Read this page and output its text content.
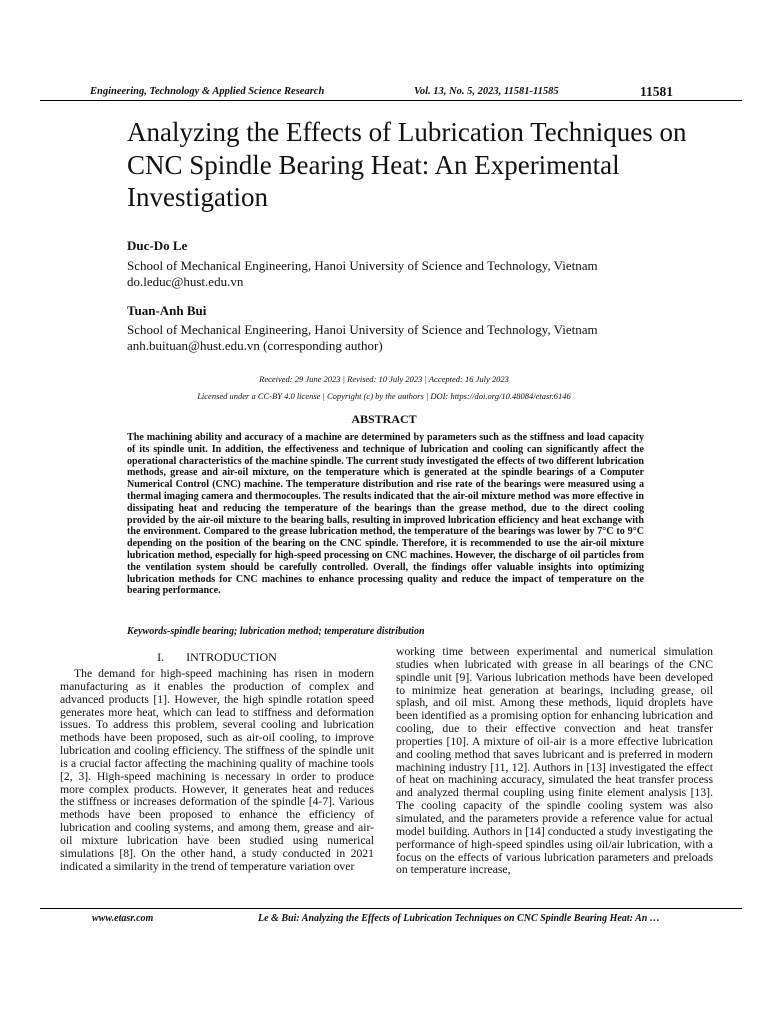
Engineering, Technology & Applied Science Research	Vol. 13, No. 5, 2023, 11581-11585	11581
Analyzing the Effects of Lubrication Techniques on CNC Spindle Bearing Heat: An Experimental Investigation
Duc-Do Le
School of Mechanical Engineering, Hanoi University of Science and Technology, Vietnam
do.leduc@hust.edu.vn
Tuan-Anh Bui
School of Mechanical Engineering, Hanoi University of Science and Technology, Vietnam
anh.buituan@hust.edu.vn (corresponding author)
Received: 29 June 2023 | Revised: 10 July 2023 | Accepted: 16 July 2023
Licensed under a CC-BY 4.0 license | Copyright (c) by the authors | DOI: https://doi.org/10.48084/etasr.6146
ABSTRACT
The machining ability and accuracy of a machine are determined by parameters such as the stiffness and load capacity of its spindle unit. In addition, the effectiveness and technique of lubrication and cooling can significantly affect the operational characteristics of the machine spindle. The current study investigated the effects of two different lubrication methods, grease and air-oil mixture, on the temperature which is generated at the spindle bearings of a Computer Numerical Control (CNC) machine. The temperature distribution and rise rate of the bearings were measured using a thermal imaging camera and thermocouples. The results indicated that the air-oil mixture method was more effective in dissipating heat and reducing the temperature of the bearings than the grease method, due to the direct cooling provided by the air-oil mixture to the bearing balls, resulting in improved lubrication efficiency and heat exchange with the environment. Compared to the grease lubrication method, the temperature of the bearings was lower by 7°C to 9°C depending on the position of the bearing on the CNC spindle. Therefore, it is recommended to use the air-oil mixture lubrication method, especially for high-speed processing on CNC machines. However, the discharge of oil particles from the ventilation system should be carefully controlled. Overall, the findings offer valuable insights into optimizing lubrication methods for CNC machines to enhance processing quality and reduce the impact of temperature on the bearing performance.
Keywords-spindle bearing; lubrication method; temperature distribution
I. INTRODUCTION

The demand for high-speed machining has risen in modern manufacturing as it enables the production of complex and advanced products [1]. However, the high spindle rotation speed generates more heat, which can lead to stiffness and deformation issues. To address this problem, several cooling and lubrication methods have been proposed, such as air-oil cooling, to improve lubrication and cooling efficiency. The stiffness of the spindle unit is a crucial factor affecting the machining quality of machine tools [2, 3]. High-speed machining is necessary in order to produce more complex products. However, it generates heat and reduces the stiffness or increases deformation of the spindle [4-7]. Various methods have been proposed to enhance the efficiency of lubrication and cooling systems, and among them, grease and air-oil mixture lubrication have been studied using numerical simulations [8]. On the other hand, a study conducted in 2021 indicated a similarity in the trend of temperature variation over

working time between experimental and numerical simulation studies when lubricated with grease in all bearings of the CNC spindle unit [9]. Various lubrication methods have been developed to minimize heat generation at bearings, including grease, oil splash, and oil mist. Among these methods, liquid droplets have been identified as a promising option for enhancing lubrication and cooling, due to their effective convection and heat transfer properties [10]. A mixture of oil-air is a more effective lubrication and cooling method that saves lubricant and is preferred in modern machining industry [11, 12]. Authors in [13] investigated the effect of heat on machining accuracy, simulated the heat transfer process and analyzed thermal coupling using finite element analysis [13]. The cooling capacity of the spindle cooling system was also simulated, and the parameters provide a reference value for actual model building. Authors in [14] conducted a study investigating the performance of high-speed spindles using oil/air lubrication, with a focus on the effects of various lubrication parameters and preloads on temperature increase,

www.etasr.com	Le & Bui: Analyzing the Effects of Lubrication Techniques on CNC Spindle Bearing Heat: An …
